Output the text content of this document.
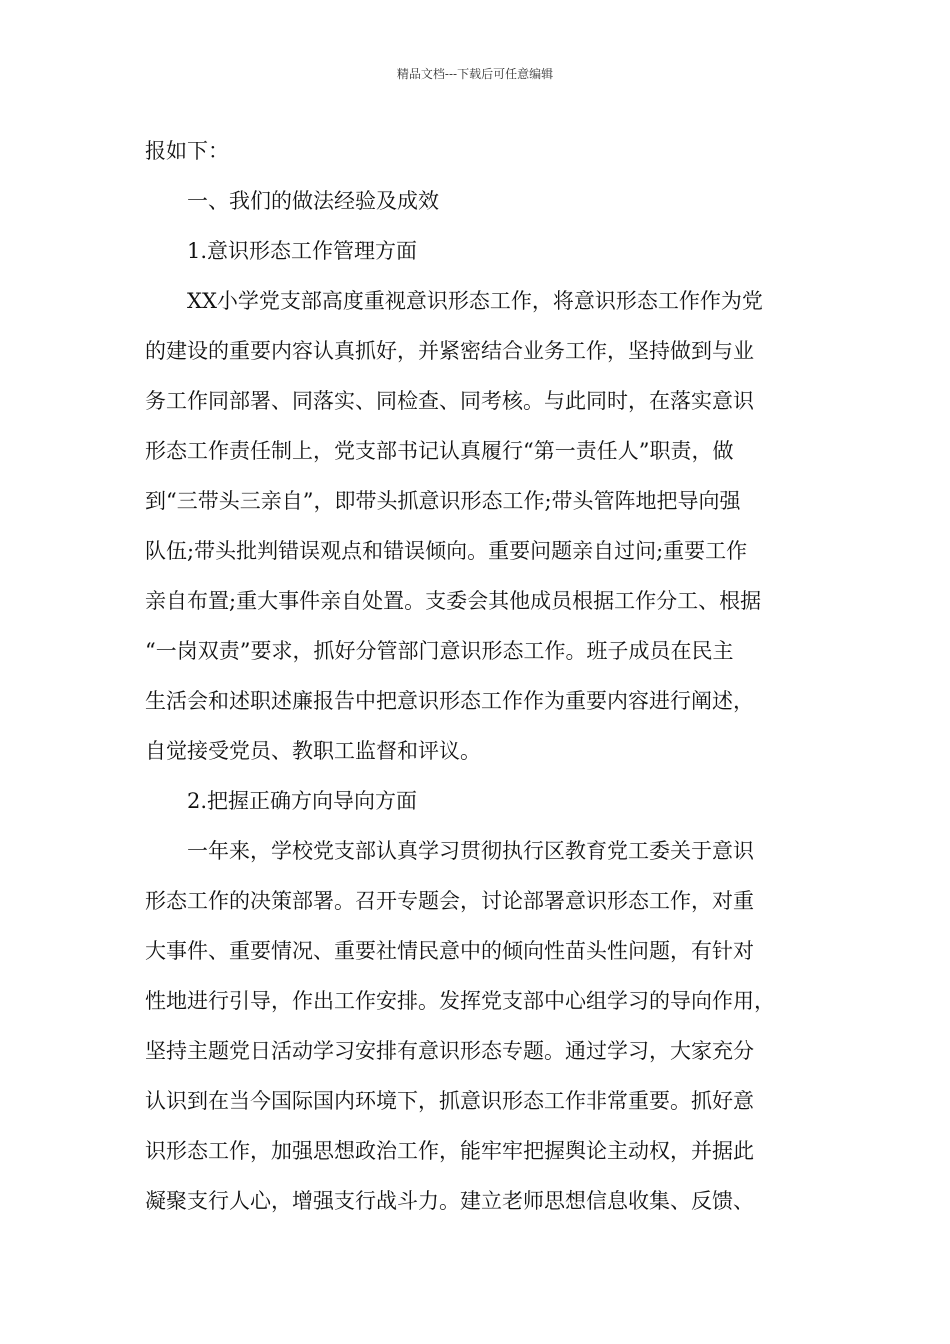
精品文档---下载后可任意编辑
报如下：
一、我们的做法经验及成效
1.意识形态工作管理方面
XX小学党支部高度重视意识形态工作，将意识形态工作作为党
的建设的重要内容认真抓好，并紧密结合业务工作，坚持做到与业
务工作同部署、同落实、同检查、同考核。与此同时，在落实意识
形态工作责任制上，党支部书记认真履行“第一责任人”职责，做
到“三带头三亲自”，即带头抓意识形态工作;带头管阵地把导向强
队伍;带头批判错误观点和错误倾向。重要问题亲自过问;重要工作
亲自布置;重大事件亲自处置。支委会其他成员根据工作分工、根据
“一岗双责”要求，抓好分管部门意识形态工作。班子成员在民主
生活会和述职述廉报告中把意识形态工作作为重要内容进行阐述，
自觉接受党员、教职工监督和评议。
2.把握正确方向导向方面
一年来，学校党支部认真学习贯彻执行区教育党工委关于意识
形态工作的决策部署。召开专题会，讨论部署意识形态工作，对重
大事件、重要情况、重要社情民意中的倾向性苗头性问题，有针对
性地进行引导，作出工作安排。发挥党支部中心组学习的导向作用，
坚持主题党日活动学习安排有意识形态专题。通过学习，大家充分
认识到在当今国际国内环境下，抓意识形态工作非常重要。抓好意
识形态工作，加强思想政治工作，能牢牢把握舆论主动权，并据此
凝聚支行人心，增强支行战斗力。建立老师思想信息收集、反馈、
